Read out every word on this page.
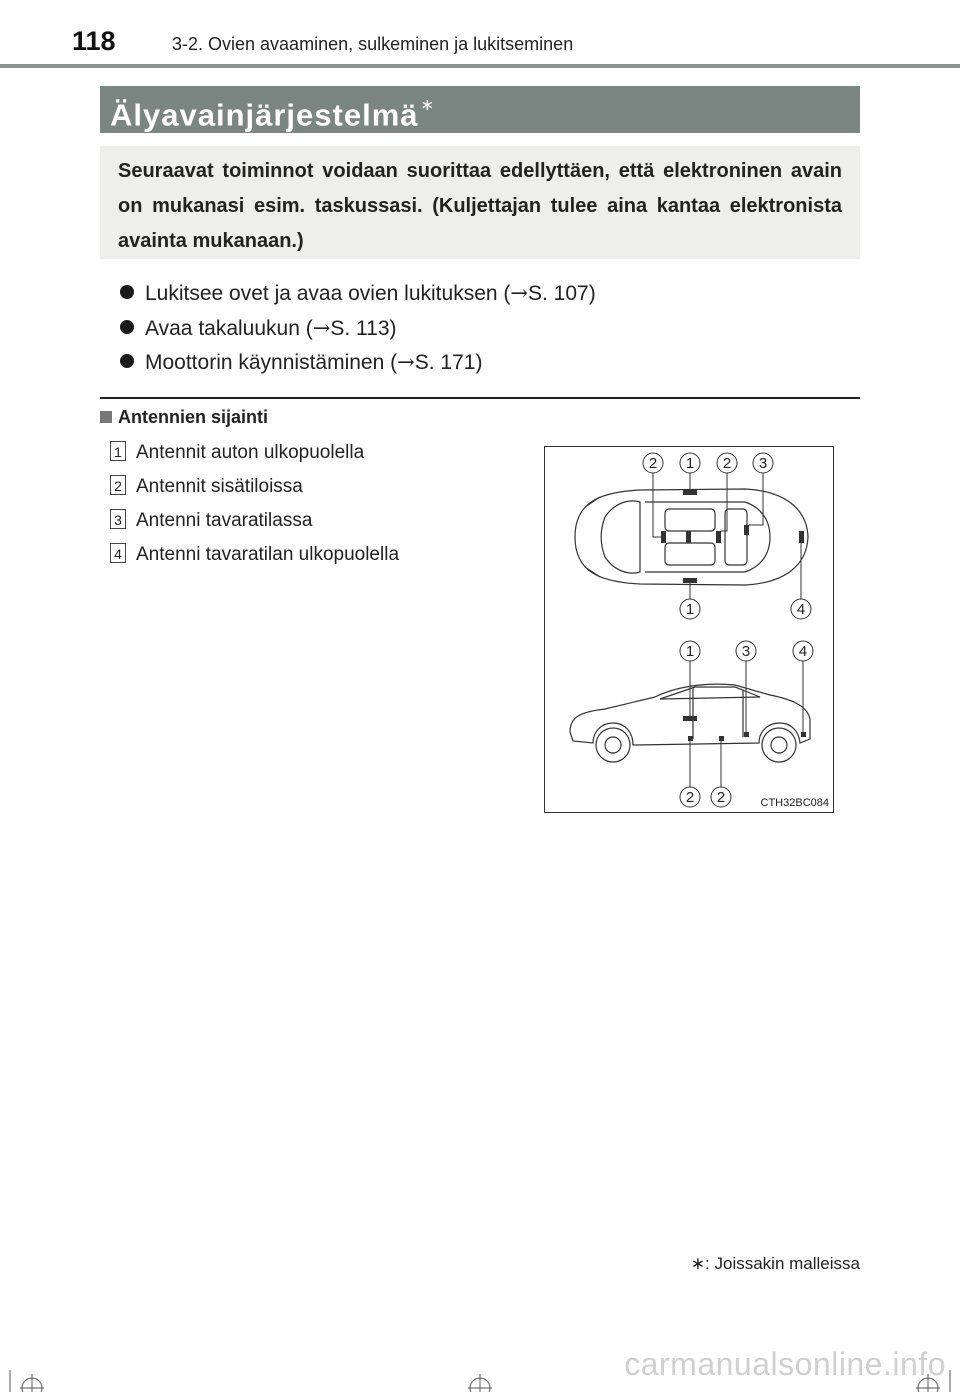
118	3-2. Ovien avaaminen, sulkeminen ja lukitseminen
Älyavainjärjestelmä ∗
Seuraavat toiminnot voidaan suorittaa edellyttäen, että elektroninen avain on mukanasi esim. taskussasi. (Kuljettajan tulee aina kantaa elektronista avainta mukanaan.)
Lukitsee ovet ja avaa ovien lukituksen (→S. 107)
Avaa takaluukun (→S. 113)
Moottorin käynnistäminen (→S. 171)
Antennien sijainti
1 Antennit auton ulkopuolella
2 Antennit sisätiloissa
3 Antenni tavaratilassa
4 Antenni tavaratilan ulkopuolella
2 1 2 3
1	4
1	3	4
2 2	CTH32BC084
∗: Joissakin malleissa
carmanualsonline.info
